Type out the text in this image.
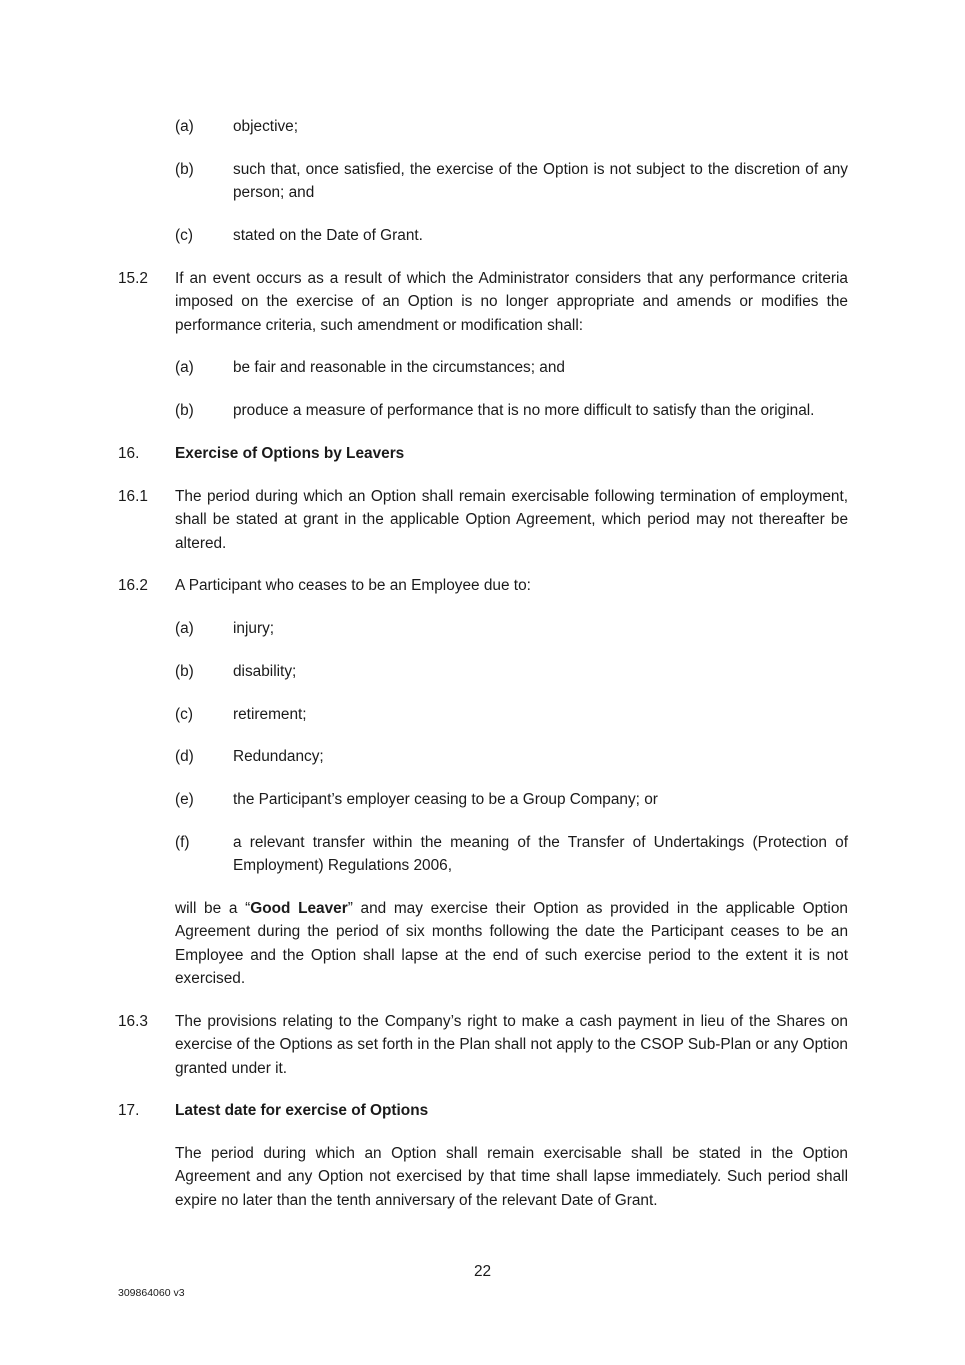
(a)	objective;
(b)	such that, once satisfied, the exercise of the Option is not subject to the discretion of any person; and
(c)	stated on the Date of Grant.
15.2 If an event occurs as a result of which the Administrator considers that any performance criteria imposed on the exercise of an Option is no longer appropriate and amends or modifies the performance criteria, such amendment or modification shall:
(a)	be fair and reasonable in the circumstances; and
(b)	produce a measure of performance that is no more difficult to satisfy than the original.
16. Exercise of Options by Leavers
16.1 The period during which an Option shall remain exercisable following termination of employment, shall be stated at grant in the applicable Option Agreement, which period may not thereafter be altered.
16.2 A Participant who ceases to be an Employee due to:
(a)	injury;
(b)	disability;
(c)	retirement;
(d)	Redundancy;
(e)	the Participant’s employer ceasing to be a Group Company; or
(f)	a relevant transfer within the meaning of the Transfer of Undertakings (Protection of Employment) Regulations 2006,
will be a “Good Leaver” and may exercise their Option as provided in the applicable Option Agreement during the period of six months following the date the Participant ceases to be an Employee and the Option shall lapse at the end of such exercise period to the extent it is not exercised.
16.3 The provisions relating to the Company’s right to make a cash payment in lieu of the Shares on exercise of the Options as set forth in the Plan shall not apply to the CSOP Sub-Plan or any Option granted under it.
17. Latest date for exercise of Options
The period during which an Option shall remain exercisable shall be stated in the Option Agreement and any Option not exercised by that time shall lapse immediately. Such period shall expire no later than the tenth anniversary of the relevant Date of Grant.
22
309864060 v3
